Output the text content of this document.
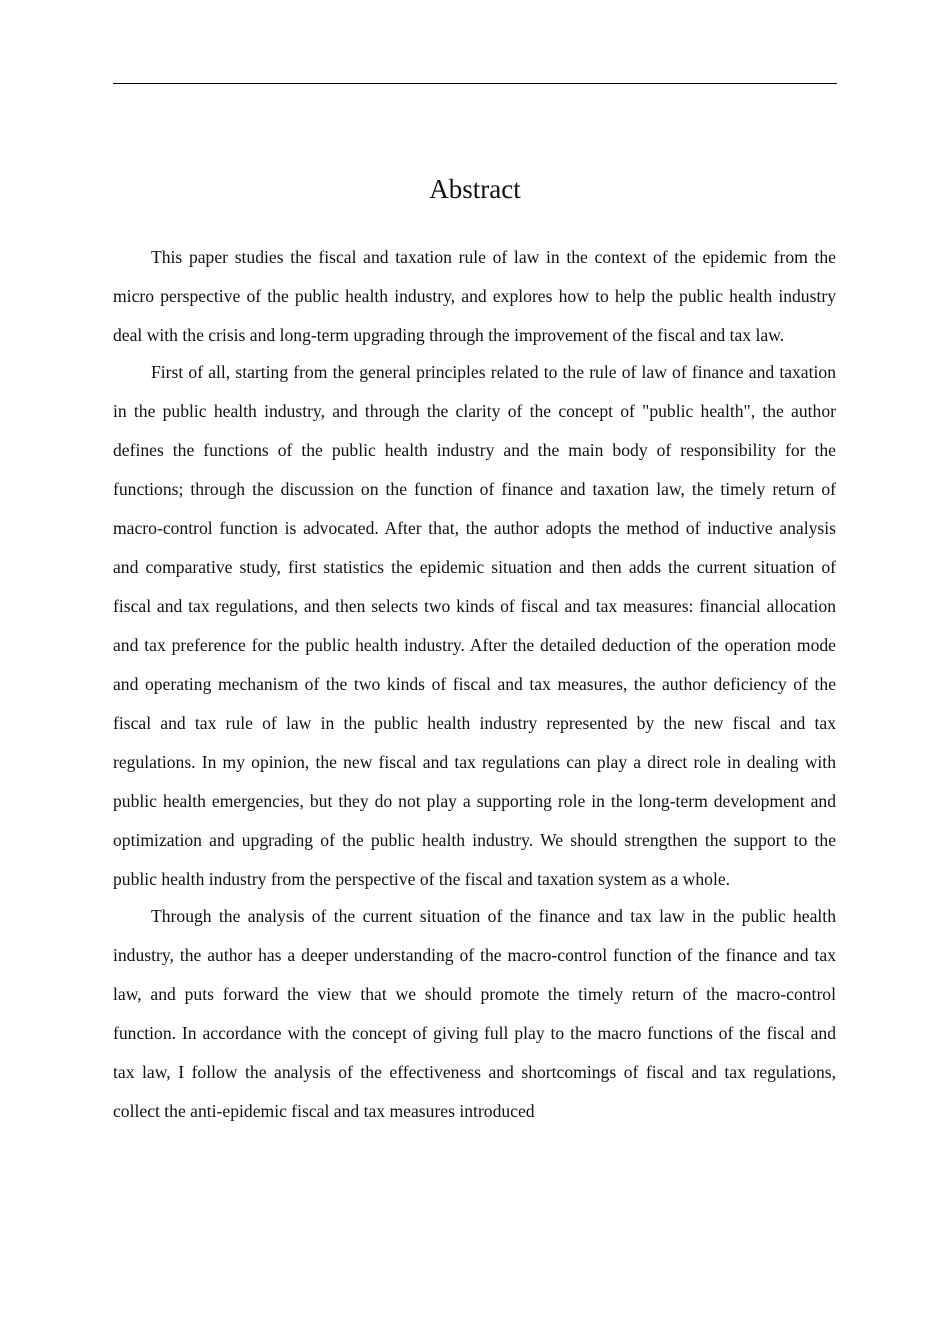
Abstract

This paper studies the fiscal and taxation rule of law in the context of the epidemic from the micro perspective of the public health industry, and explores how to help the public health industry deal with the crisis and long-term upgrading through the improvement of the fiscal and tax law.

First of all, starting from the general principles related to the rule of law of finance and taxation in the public health industry, and through the clarity of the concept of "public health", the author defines the functions of the public health industry and the main body of responsibility for the functions; through the discussion on the function of finance and taxation law, the timely return of macro-control function is advocated. After that, the author adopts the method of inductive analysis and comparative study, first statistics the epidemic situation and then adds the current situation of fiscal and tax regulations, and then selects two kinds of fiscal and tax measures: financial allocation and tax preference for the public health industry. After the detailed deduction of the operation mode and operating mechanism of the two kinds of fiscal and tax measures, the author deficiency of the fiscal and tax rule of law in the public health industry represented by the new fiscal and tax regulations. In my opinion, the new fiscal and tax regulations can play a direct role in dealing with public health emergencies, but they do not play a supporting role in the long-term development and optimization and upgrading of the public health industry. We should strengthen the support to the public health industry from the perspective of the fiscal and taxation system as a whole.

Through the analysis of the current situation of the finance and tax law in the public health industry, the author has a deeper understanding of the macro-control function of the finance and tax law, and puts forward the view that we should promote the timely return of the macro-control function. In accordance with the concept of giving full play to the macro functions of the fiscal and tax law, I follow the analysis of the effectiveness and shortcomings of fiscal and tax regulations, collect the anti-epidemic fiscal and tax measures introduced
